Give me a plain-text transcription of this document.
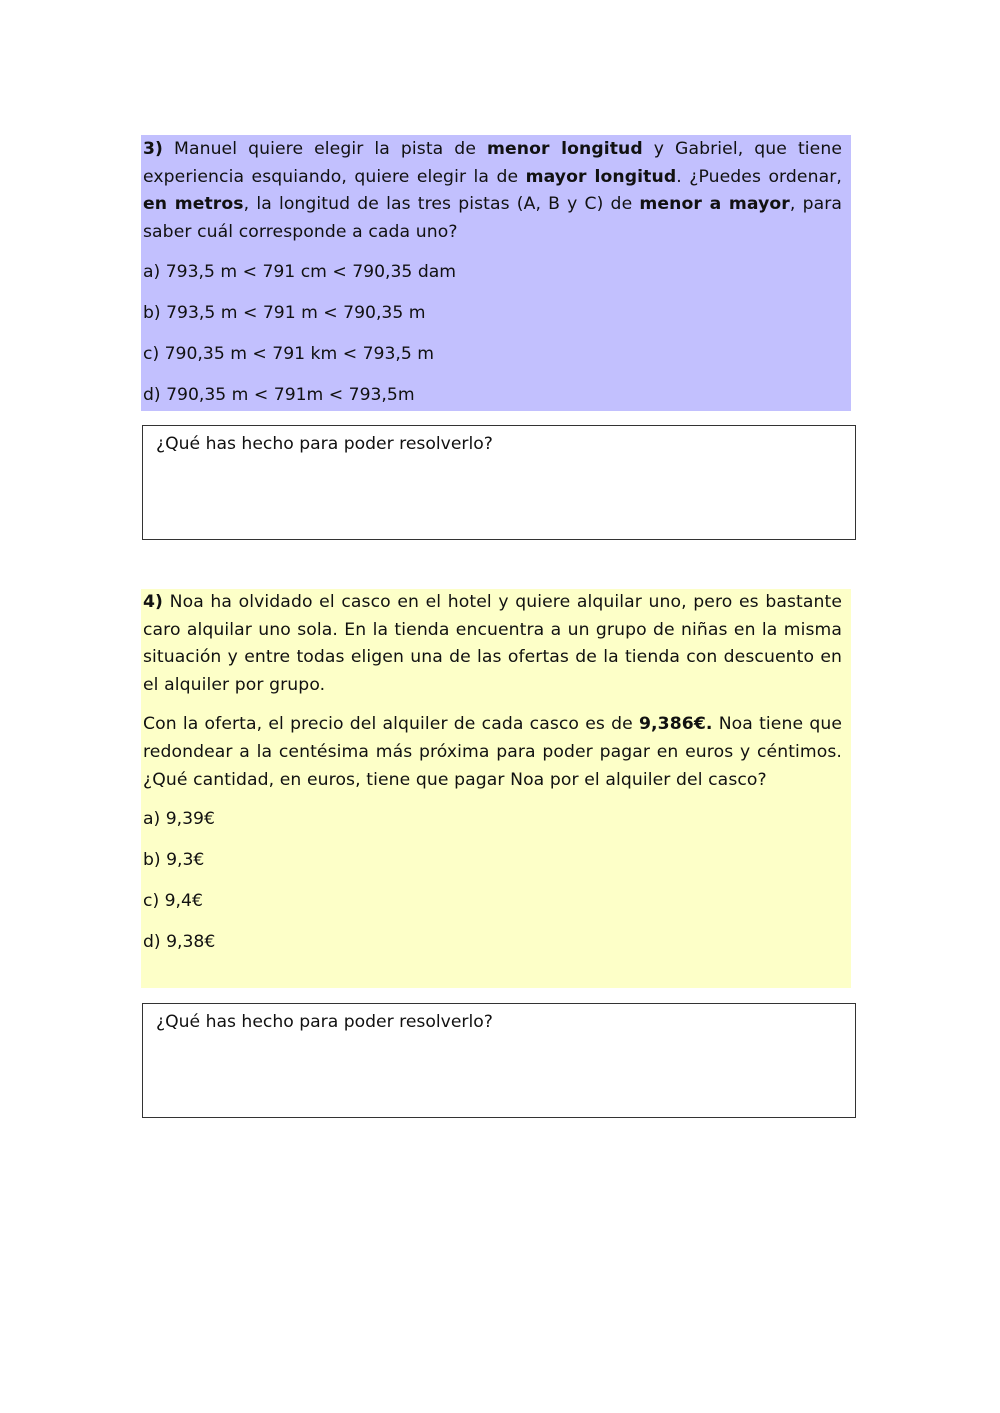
3) Manuel quiere elegir la pista de menor longitud y Gabriel, que tiene experiencia esquiando, quiere elegir la de mayor longitud. ¿Puedes ordenar, en metros, la longitud de las tres pistas (A, B y C) de menor a mayor, para saber cuál corresponde a cada uno?

a) 793,5 m < 791 cm < 790,35 dam
b) 793,5 m < 791 m < 790,35 m
c) 790,35 m < 791 km < 793,5 m
d) 790,35 m < 791m < 793,5m
¿Qué has hecho para poder resolverlo?

4) Noa ha olvidado el casco en el hotel y quiere alquilar uno, pero es bastante caro alquilar uno sola. En la tienda encuentra a un grupo de niñas en la misma situación y entre todas eligen una de las ofertas de la tienda con descuento en el alquiler por grupo.

Con la oferta, el precio del alquiler de cada casco es de 9,386€. Noa tiene que redondear a la centésima más próxima para poder pagar en euros y céntimos. ¿Qué cantidad, en euros, tiene que pagar Noa por el alquiler del casco?

a) 9,39€
b) 9,3€
c) 9,4€
d) 9,38€
¿Qué has hecho para poder resolverlo?
